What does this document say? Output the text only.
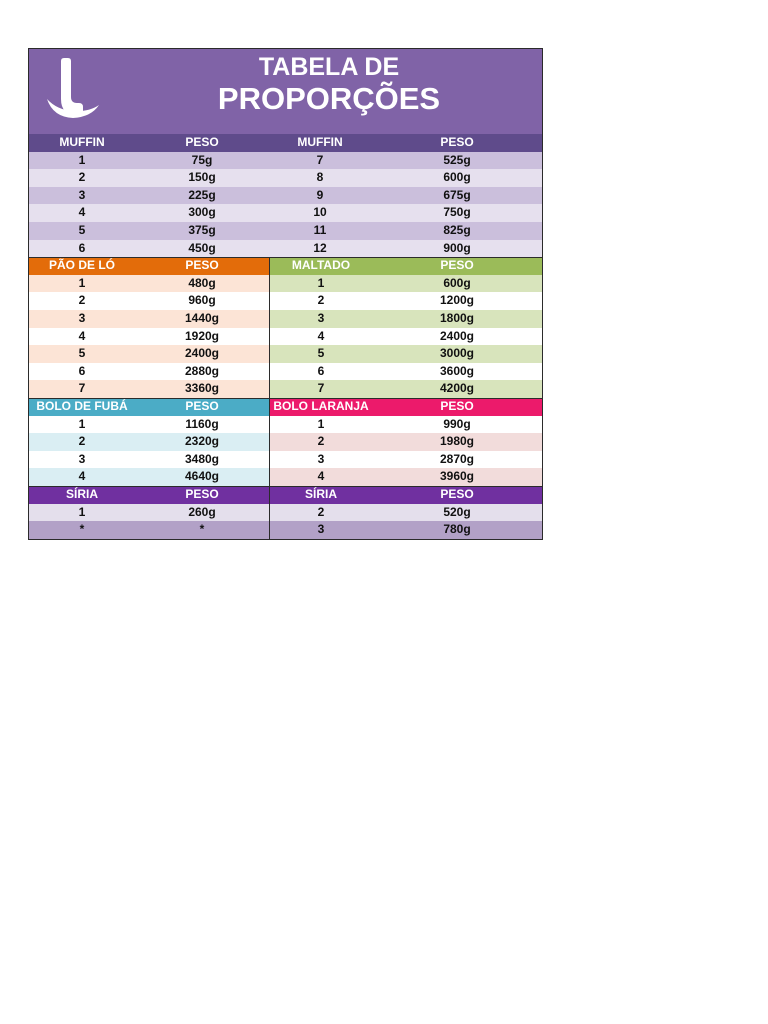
TABELA DE
PROPORÇÕES
MUFFIN	PESO	MUFFIN	PESO
1	75g	7	525g
2	150g	8	600g
3	225g	9	675g
4	300g	10	750g
5	375g	11	825g
6	450g	12	900g
PÃO DE LÓ	PESO	MALTADO	PESO
1	480g	1	600g
2	960g	2	1200g
3	1440g	3	1800g
4	1920g	4	2400g
5	2400g	5	3000g
6	2880g	6	3600g
7	3360g	7	4200g
BOLO DE FUBÁ	PESO	BOLO LARANJA	PESO
1	1160g	1	990g
2	2320g	2	1980g
3	3480g	3	2870g
4	4640g	4	3960g
SÍRIA	PESO	SÍRIA	PESO
1	260g	2	520g
*	*	3	780g
